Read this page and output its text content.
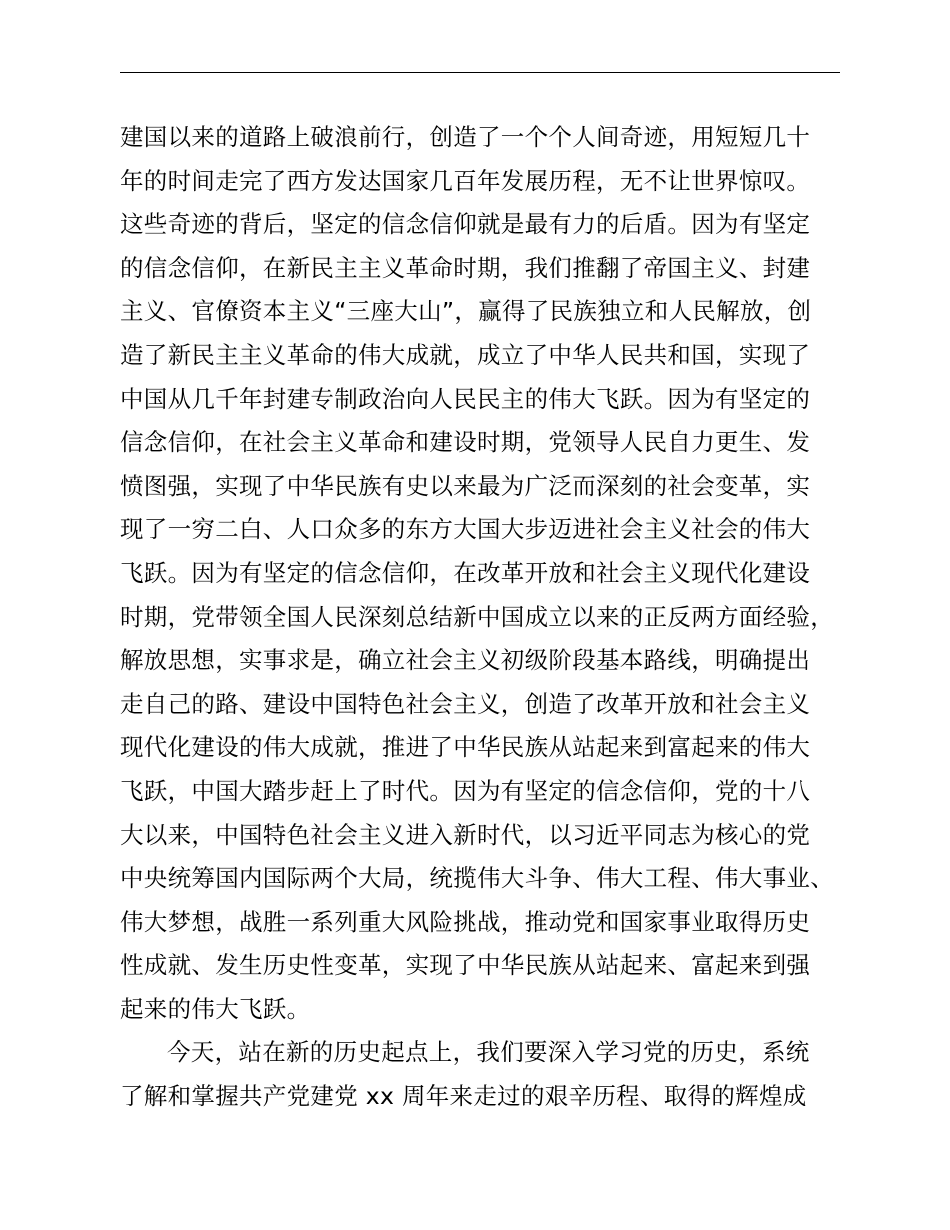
建国以来的道路上破浪前行，创造了一个个人间奇迹，用短短几十
年的时间走完了西方发达国家几百年发展历程，无不让世界惊叹。
这些奇迹的背后，坚定的信念信仰就是最有力的后盾。因为有坚定
的信念信仰，在新民主主义革命时期，我们推翻了帝国主义、封建
主义、官僚资本主义“三座大山”，赢得了民族独立和人民解放，创
造了新民主主义革命的伟大成就，成立了中华人民共和国，实现了
中国从几千年封建专制政治向人民民主的伟大飞跃。因为有坚定的
信念信仰，在社会主义革命和建设时期，党领导人民自力更生、发
愤图强，实现了中华民族有史以来最为广泛而深刻的社会变革，实
现了一穷二白、人口众多的东方大国大步迈进社会主义社会的伟大
飞跃。因为有坚定的信念信仰，在改革开放和社会主义现代化建设
时期，党带领全国人民深刻总结新中国成立以来的正反两方面经验，
解放思想，实事求是，确立社会主义初级阶段基本路线，明确提出
走自己的路、建设中国特色社会主义，创造了改革开放和社会主义
现代化建设的伟大成就，推进了中华民族从站起来到富起来的伟大
飞跃，中国大踏步赶上了时代。因为有坚定的信念信仰，党的十八
大以来，中国特色社会主义进入新时代，以习近平同志为核心的党
中央统筹国内国际两个大局，统揽伟大斗争、伟大工程、伟大事业、
伟大梦想，战胜一系列重大风险挑战，推动党和国家事业取得历史
性成就、发生历史性变革，实现了中华民族从站起来、富起来到强
起来的伟大飞跃。
今天，站在新的历史起点上，我们要深入学习党的历史，系统
了解和掌握共产党建党 xx 周年来走过的艰辛历程、取得的辉煌成
